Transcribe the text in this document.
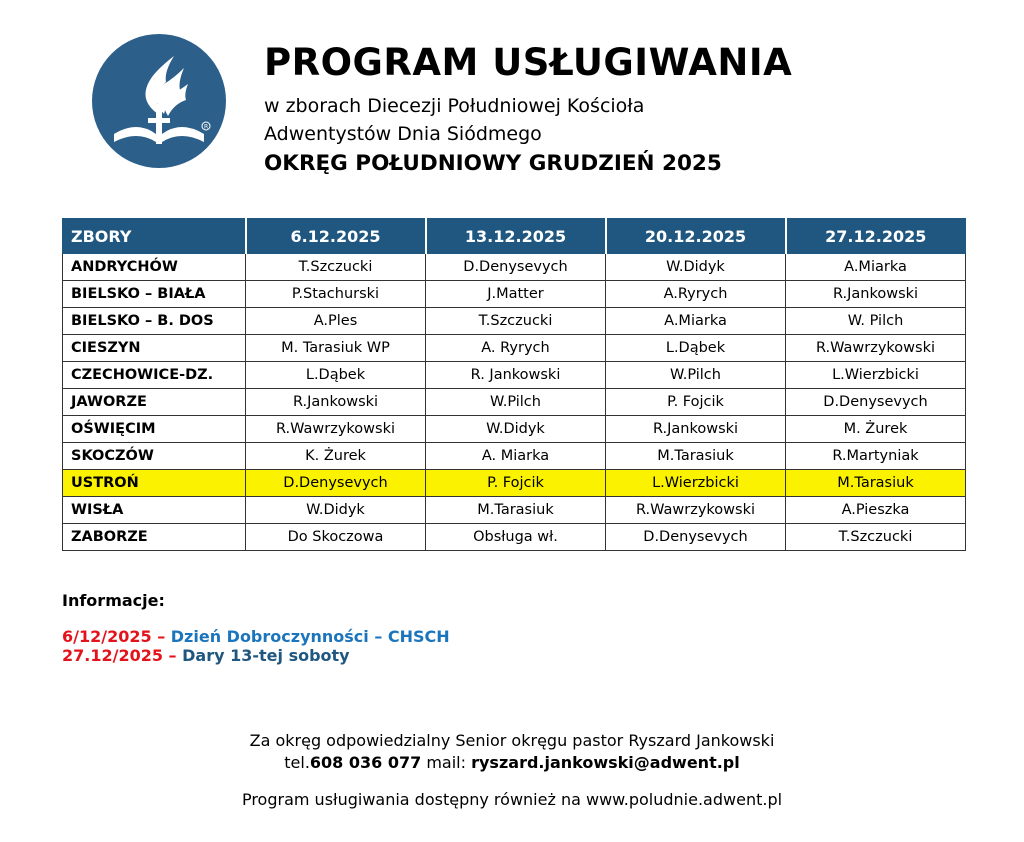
R
PROGRAM USŁUGIWANIA
w zborach Diecezji Południowej Kościoła
Adwentystów Dnia Siódmego
OKRĘG POŁUDNIOWY GRUDZIEŃ 2025
ZBORY	6.12.2025	13.12.2025	20.12.2025	27.12.2025
ANDRYCHÓW	T.Szczucki	D.Denysevych	W.Didyk	A.Miarka
BIELSKO – BIAŁA	P.Stachurski	J.Matter	A.Ryrych	R.Jankowski
BIELSKO – B. DOS	A.Ples	T.Szczucki	A.Miarka	W. Pilch
CIESZYN	M. Tarasiuk WP	A. Ryrych	L.Dąbek	R.Wawrzykowski
CZECHOWICE-DZ.	L.Dąbek	R. Jankowski	W.Pilch	L.Wierzbicki
JAWORZE	R.Jankowski	W.Pilch	P. Fojcik	D.Denysevych
OŚWIĘCIM	R.Wawrzykowski	W.Didyk	R.Jankowski	M. Żurek
SKOCZÓW	K. Żurek	A. Miarka	M.Tarasiuk	R.Martyniak
USTROŃ	D.Denysevych	P. Fojcik	L.Wierzbicki	M.Tarasiuk
WISŁA	W.Didyk	M.Tarasiuk	R.Wawrzykowski	A.Pieszka
ZABORZE	Do Skoczowa	Obsługa wł.	D.Denysevych	T.Szczucki
Informacje:
6/12/2025 – Dzień Dobroczynności – CHSCH
27.12/2025 – Dary 13-tej soboty
Za okręg odpowiedzialny Senior okręgu pastor Ryszard Jankowski
tel.608 036 077 mail: ryszard.jankowski@adwent.pl
Program usługiwania dostępny również na www.poludnie.adwent.pl
